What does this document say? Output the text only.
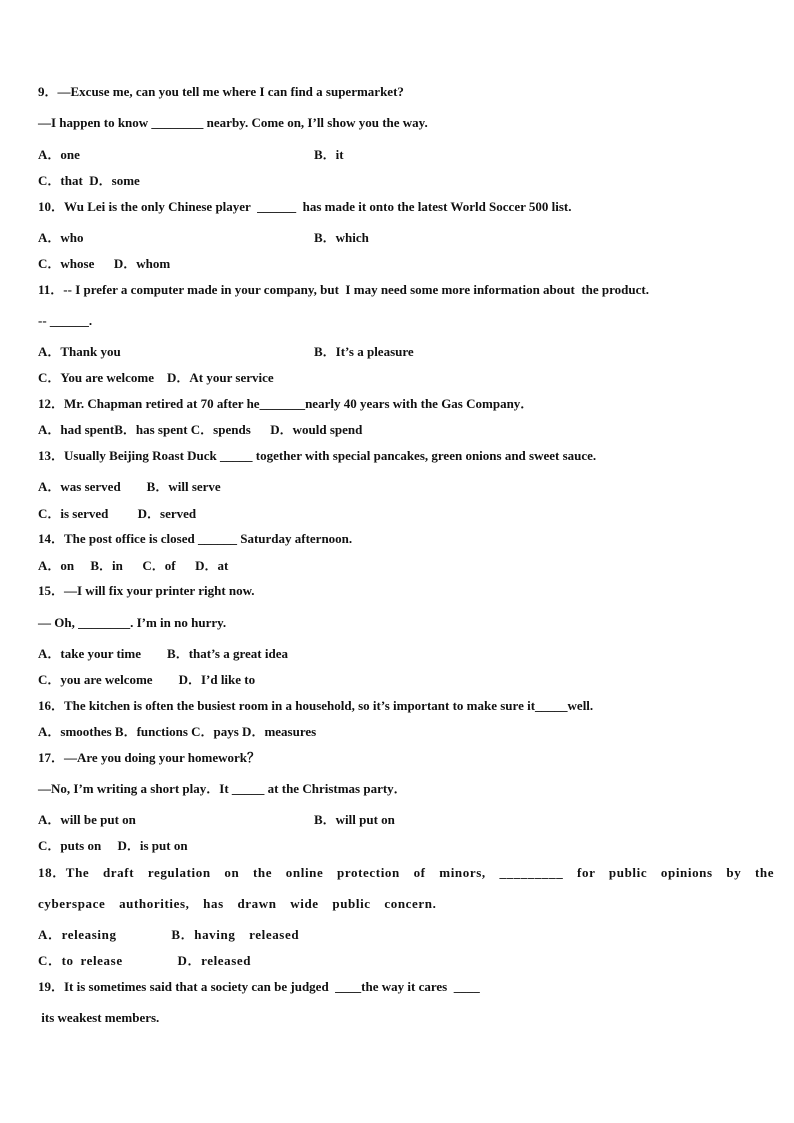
9．—Excuse me, can you tell me where I can find a supermarket?
—I happen to know ________ nearby. Come on, I’ll show you the way.
A．one	B．it
C．that  D．some
10．Wu Lei is the only Chinese player  ______  has made it onto the latest World Soccer 500 list.
A．who	B．which
C．whose      D．whom
11．-- I prefer a computer made in your company, but  I may need some more information about  the product.
-- ______.
A．Thank you	B．It’s a pleasure
C．You are welcome    D．At your service
12．Mr. Chapman retired at 70 after he_______nearly 40 years with the Gas Company．
A．had spentB．has spent C．spends      D．would spend
13．Usually Beijing Roast Duck _____ together with special pancakes, green onions and sweet sauce.
A．was served        B．will serve
C．is served         D．served
14．The post office is closed ______ Saturday afternoon.
A．on     B．in      C．of      D．at
15．—I will fix your printer right now.
— Oh, ________. I’m in no hurry.
A．take your time        B．that’s a great idea
C．you are welcome        D．I’d like to
16．The kitchen is often the busiest room in a household, so it’s important to make sure it_____well.
A．smoothes B．functions C．pays D．measures
17．—Are you doing your homework？
—No, I’m writing a short play．It _____ at the Christmas party．
A．will be put on	B．will put on
C．puts on     D．is put on
18．The  draft  regulation  on  the  online  protection  of  minors,  _________  for  public  opinions  by  the
cyberspace  authorities,  has  drawn  wide  public  concern.
A．releasing        B．having  released
C．to release        D．released
19．It is sometimes said that a society can be judged  ____the way it cares  ____
its weakest members.
